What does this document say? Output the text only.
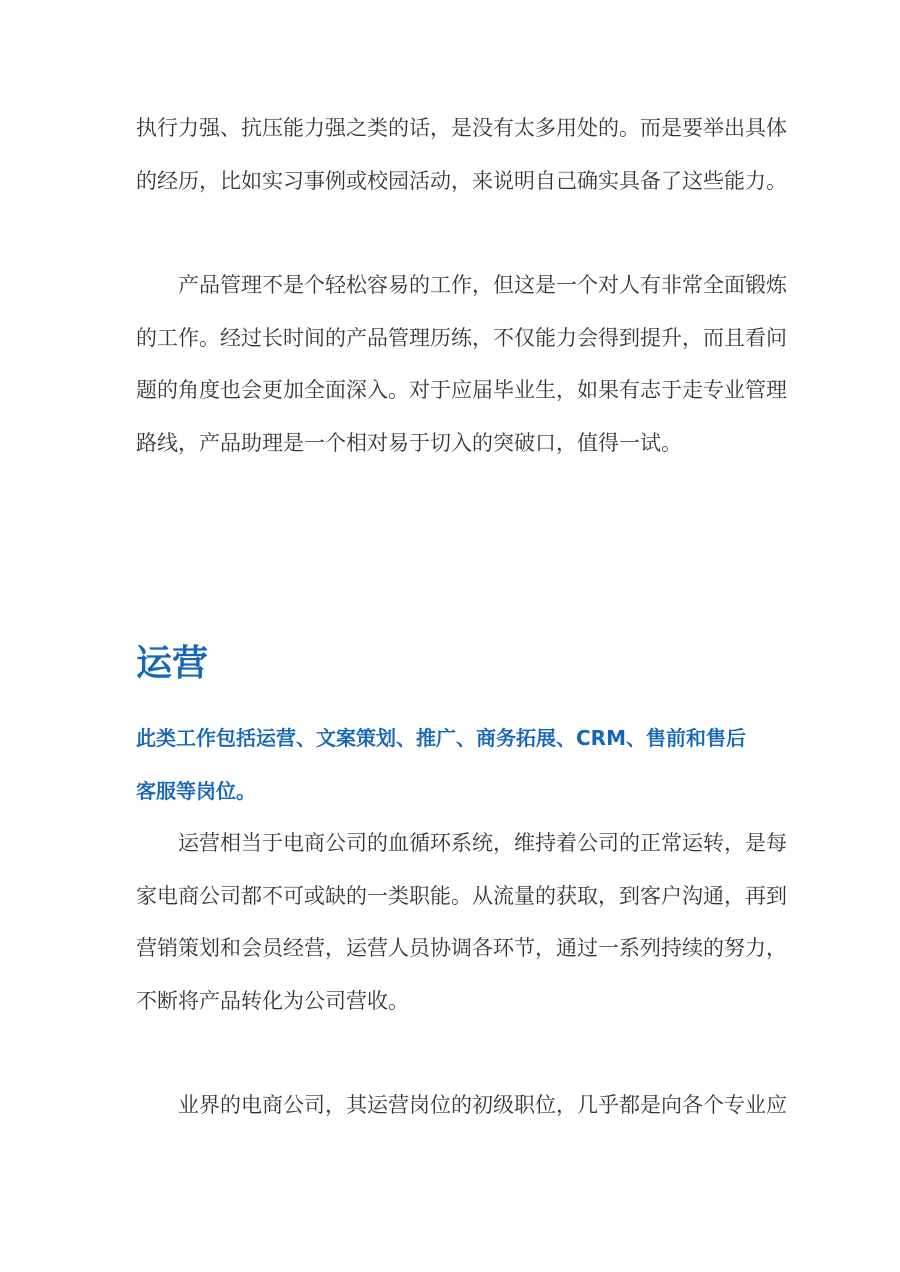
执行力强、抗压能力强之类的话，是没有太多用处的。而是要举出具体
的经历，比如实习事例或校园活动，来说明自己确实具备了这些能力。
产品管理不是个轻松容易的工作，但这是一个对人有非常全面锻炼
的工作。经过长时间的产品管理历练，不仅能力会得到提升，而且看问
题的角度也会更加全面深入。对于应届毕业生，如果有志于走专业管理
路线，产品助理是一个相对易于切入的突破口，值得一试。
运营
此类工作包括运营、文案策划、推广、商务拓展、CRM、售前和售后
客服等岗位。
运营相当于电商公司的血循环系统，维持着公司的正常运转，是每
家电商公司都不可或缺的一类职能。从流量的获取，到客户沟通，再到
营销策划和会员经营，运营人员协调各环节，通过一系列持续的努力，
不断将产品转化为公司营收。
业界的电商公司，其运营岗位的初级职位，几乎都是向各个专业应
